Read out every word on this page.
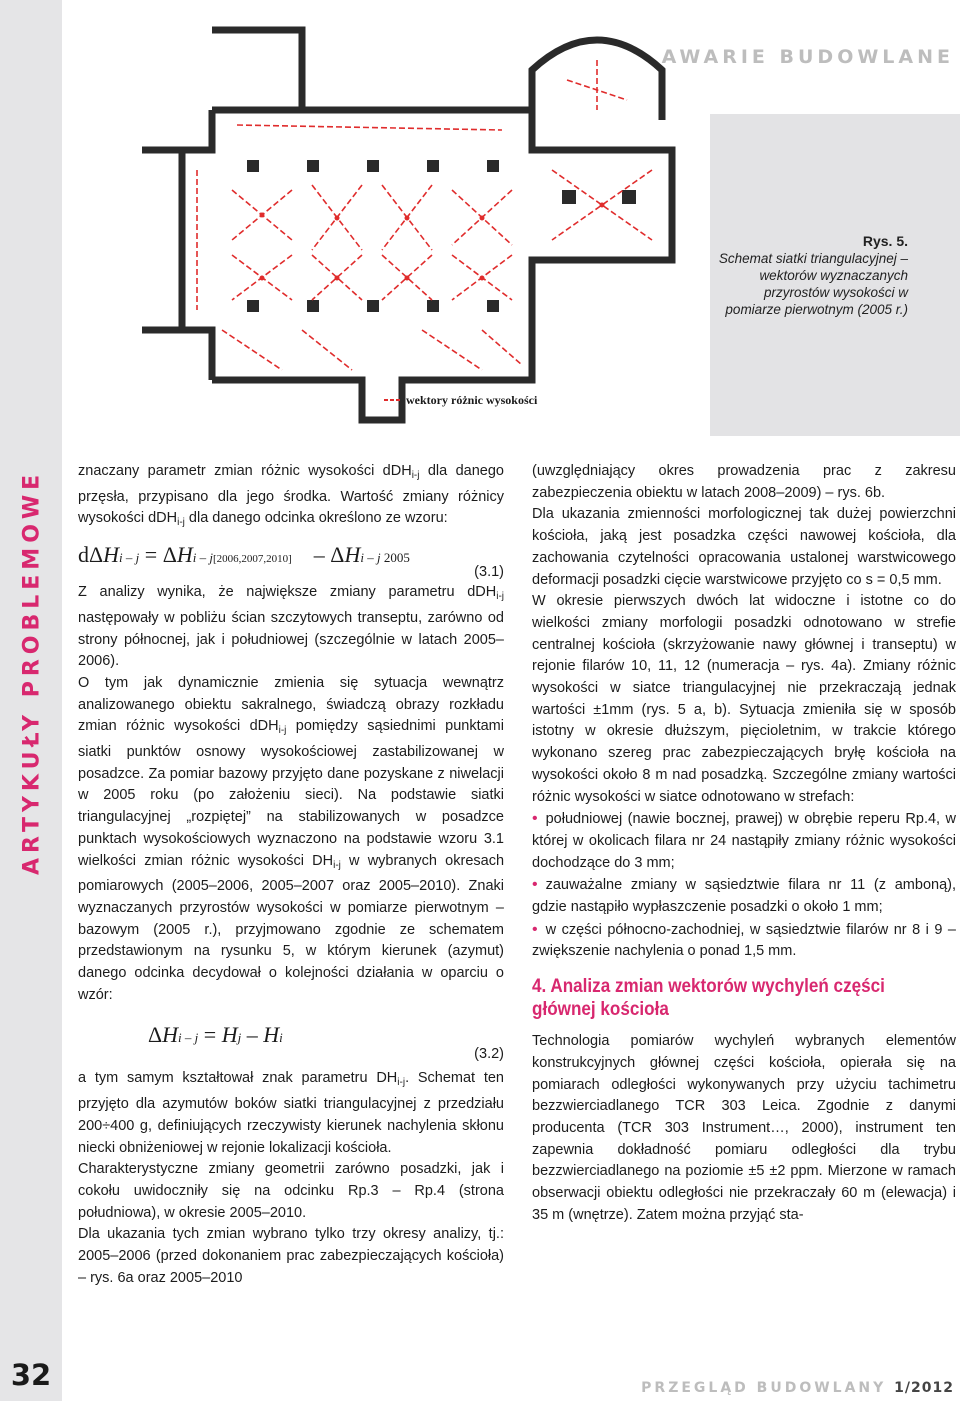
ARTYKUŁY PROBLEMOWE
32
AWARIE BUDOWLANE
Rys. 5.
Schemat siatki triangulacyjnej – wektorów wyznaczanych przyrostów wysokości w pomiarze pierwotnym (2005 r.)
wektory różnic wysokości

znaczany parametr zmian różnic wysokości dDH$_{i-j}$ dla danego przęsła, przypisano dla jego środka. Wartość zmiany różnicy wysokości dDH$_{i-j}$ dla danego odcinka określono ze wzoru:

dΔHi – j = ΔHi – j[2006,2007,2010]    – ΔHi – j 2005
(3.1)

Z analizy wynika, że największe zmiany parametru dDH$_{i-j}$ następowały w pobliżu ścian szczytowych transeptu, zarówno od strony północnej, jak i południowej (szczególnie w latach 2005–2006).

O tym jak dynamicznie zmienia się sytuacja wewnątrz analizowanego obiektu sakralnego, świadczą obrazy rozkładu zmian różnic wysokości dDH$_{i-j}$ pomiędzy sąsiednimi punktami siatki punktów osnowy wysokościowej zastabilizowanej w posadzce. Za pomiar bazowy przyjęto dane pozyskane z niwelacji w 2005 roku (po założeniu sieci). Na podstawie siatki triangulacyjnej „rozpiętej” na stabilizowanych w posadzce punktach wysokościowych wyznaczono na podstawie wzoru 3.1 wielkości zmian różnic wysokości $DH_{i-j}$ w wybranych okresach pomiarowych (2005–2006, 2005–2007 oraz 2005–2010). Znaki wyznaczanych przyrostów wysokości w pomiarze pierwotnym – bazowym (2005 r.), przyjmowano zgodnie ze schematem przedstawionym na rysunku 5, w którym kierunek (azymut) danego odcinka decydował o kolejności działania w oparciu o wzór:

ΔHi – j = Hj – Hi
(3.2)

a tym samym kształtował znak parametru $DH_{i-j}$. Schemat ten przyjęto dla azymutów boków siatki triangulacyjnej z przedziału 200÷400 g, definiujących rzeczywisty kierunek nachylenia skłonu niecki obniżeniowej w rejonie lokalizacji kościoła.

Charakterystyczne zmiany geometrii zarówno posadzki, jak i cokołu uwidoczniły się na odcinku Rp.3 – Rp.4 (strona południowa), w okresie 2005–2010.

Dla ukazania tych zmian wybrano tylko trzy okresy analizy, tj.: 2005–2006 (przed dokonaniem prac zabezpieczających kościoła) – rys. 6a oraz 2005–2010

(uwzględniający okres prowadzenia prac z zakresu zabezpieczenia obiektu w latach 2008–2009) – rys. 6b.

Dla ukazania zmienności morfologicznej tak dużej powierzchni kościoła, jaką jest posadzka części nawowej kościoła, dla zachowania czytelności opracowania ustalonej warstwicowego deformacji posadzki cięcie warstwicowe przyjęto co s = 0,5 mm.

W okresie pierwszych dwóch lat widoczne i istotne co do wielkości zmiany morfologii posadzki odnotowano w strefie centralnej kościoła (skrzyżowanie nawy głównej i transeptu) w rejonie filarów 10, 11, 12 (numeracja – rys. 4a). Zmiany różnic wysokości w siatce triangulacyjnej nie przekraczają jednak wartości ±1mm (rys. 5 a, b). Sytuacja zmieniła się w sposób istotny w okresie dłuższym, pięcioletnim, w trakcie którego wykonano szereg prac zabezpieczających bryłę kościoła na wysokości około 8 m nad posadzką. Szczególne zmiany wartości różnic wysokości w siatce odnotowano w strefach:

• południowej (nawie bocznej, prawej) w obrębie reperu Rp.4, w której w okolicach filara nr 24 nastąpiły zmiany różnic wysokości dochodzące do 3 mm;
• zauważalne zmiany w sąsiedztwie filara nr 11 (z amboną), gdzie nastąpiło wypłaszczenie posadzki o około 1 mm;
• w części północno-zachodniej, w sąsiedztwie filarów nr 8 i 9 – zwiększenie nachylenia o ponad 1,5 mm.
4. Analiza zmian wektorów wychyleń części głównej kościoła

Technologia pomiarów wychyleń wybranych elementów konstrukcyjnych głównej części kościoła, opierała się na pomiarach odległości wykonywanych przy użyciu tachimetru bezzwierciadlanego TCR 303 Leica. Zgodnie z danymi producenta (TCR 303 Instrument…, 2000), instrument ten zapewnia dokładność pomiaru odległości dla trybu bezzwierciadlanego na poziomie ±5 ±2 ppm. Mierzone w ramach obserwacji obiektu odległości nie przekraczały 60 m (elewacja) i 35 m (wnętrze). Zatem można przyjąć sta-

PRZEGLĄD BUDOWLANY 1/2012
